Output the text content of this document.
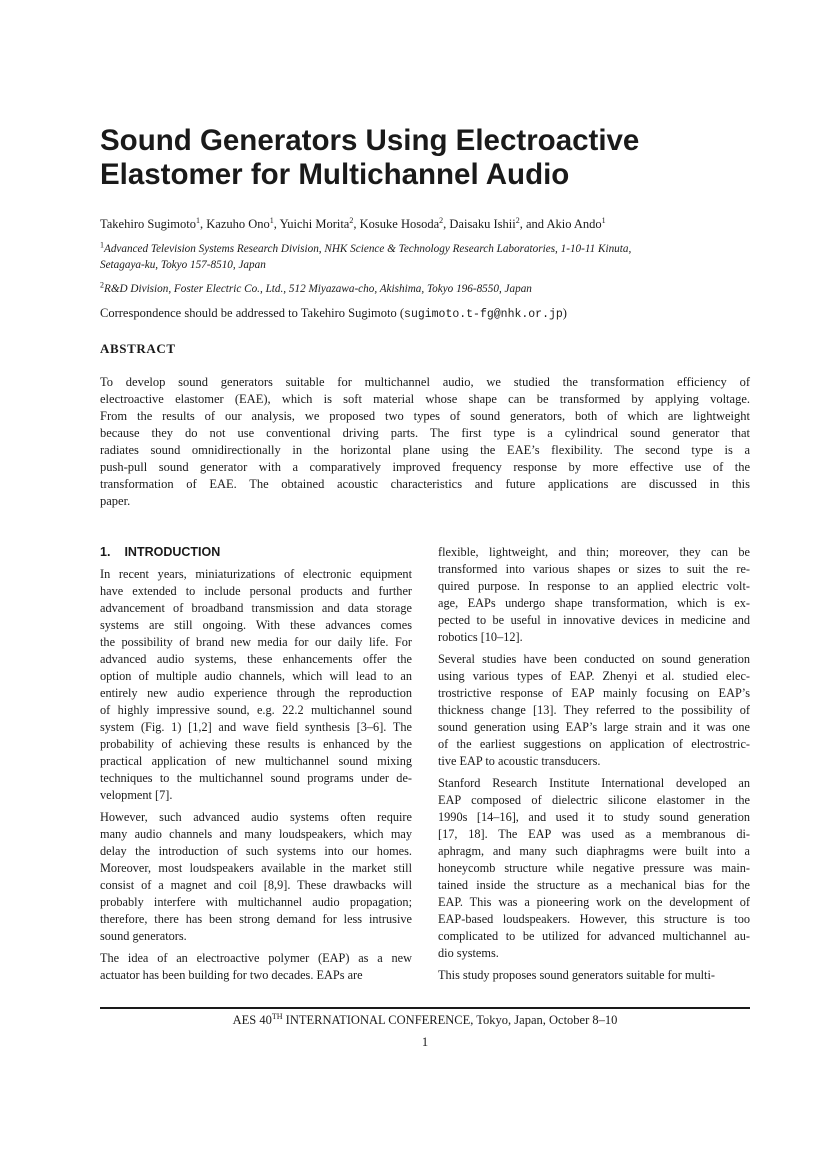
Sound Generators Using Electroactive
Elastomer for Multichannel Audio
Takehiro Sugimoto$^1$, Kazuho Ono$^1$, Yuichi Morita$^2$, Kosuke Hosoda$^2$, Daisaku Ishii$^2$, and Akio Ando$^1$
$^1$Advanced Television Systems Research Division, NHK Science & Technology Research Laboratories, 1-10-11 Kinuta,
Setagaya-ku, Tokyo 157-8510, Japan
$^2$R&D Division, Foster Electric Co., Ltd., 512 Miyazawa-cho, Akishima, Tokyo 196-8550, Japan
Correspondence should be addressed to Takehiro Sugimoto (sugimoto.t-fg@nhk.or.jp)
ABSTRACT
To develop sound generators suitable for multichannel audio, we studied the transformation efficiency of
electroactive elastomer (EAE), which is soft material whose shape can be transformed by applying voltage.
From the results of our analysis, we proposed two types of sound generators, both of which are lightweight
because they do not use conventional driving parts. The first type is a cylindrical sound generator that
radiates sound omnidirectionally in the horizontal plane using the EAE’s flexibility. The second type is a
push-pull sound generator with a comparatively improved frequency response by more effective use of the
transformation of EAE. The obtained acoustic characteristics and future applications are discussed in this
paper.
1. INTRODUCTION
In recent years, miniaturizations of electronic equipment
have extended to include personal products and further
advancement of broadband transmission and data storage
systems are still ongoing. With these advances comes
the possibility of brand new media for our daily life. For
advanced audio systems, these enhancements offer the
option of multiple audio channels, which will lead to an
entirely new audio experience through the reproduction
of highly impressive sound, e.g. 22.2 multichannel sound
system (Fig. 1) [1,2] and wave field synthesis [3–6]. The
probability of achieving these results is enhanced by the
practical application of new multichannel sound mixing
techniques to the multichannel sound programs under de-
velopment [7].
However, such advanced audio systems often require
many audio channels and many loudspeakers, which may
delay the introduction of such systems into our homes.
Moreover, most loudspeakers available in the market still
consist of a magnet and coil [8,9]. These drawbacks will
probably interfere with multichannel audio propagation;
therefore, there has been strong demand for less intrusive
sound generators.
The idea of an electroactive polymer (EAP) as a new
actuator has been building for two decades. EAPs are
flexible, lightweight, and thin; moreover, they can be
transformed into various shapes or sizes to suit the re-
quired purpose. In response to an applied electric volt-
age, EAPs undergo shape transformation, which is ex-
pected to be useful in innovative devices in medicine and
robotics [10–12].
Several studies have been conducted on sound generation
using various types of EAP. Zhenyi et al. studied elec-
trostrictive response of EAP mainly focusing on EAP’s
thickness change [13]. They referred to the possibility of
sound generation using EAP’s large strain and it was one
of the earliest suggestions on application of electrostric-
tive EAP to acoustic transducers.
Stanford Research Institute International developed an
EAP composed of dielectric silicone elastomer in the
1990s [14–16], and used it to study sound generation
[17, 18]. The EAP was used as a membranous di-
aphragm, and many such diaphragms were built into a
honeycomb structure while negative pressure was main-
tained inside the structure as a mechanical bias for the
EAP. This was a pioneering work on the development of
EAP-based loudspeakers. However, this structure is too
complicated to be utilized for advanced multichannel au-
dio systems.
This study proposes sound generators suitable for multi-
AES 40TH INTERNATIONAL CONFERENCE, Tokyo, Japan, October 8–10
1
